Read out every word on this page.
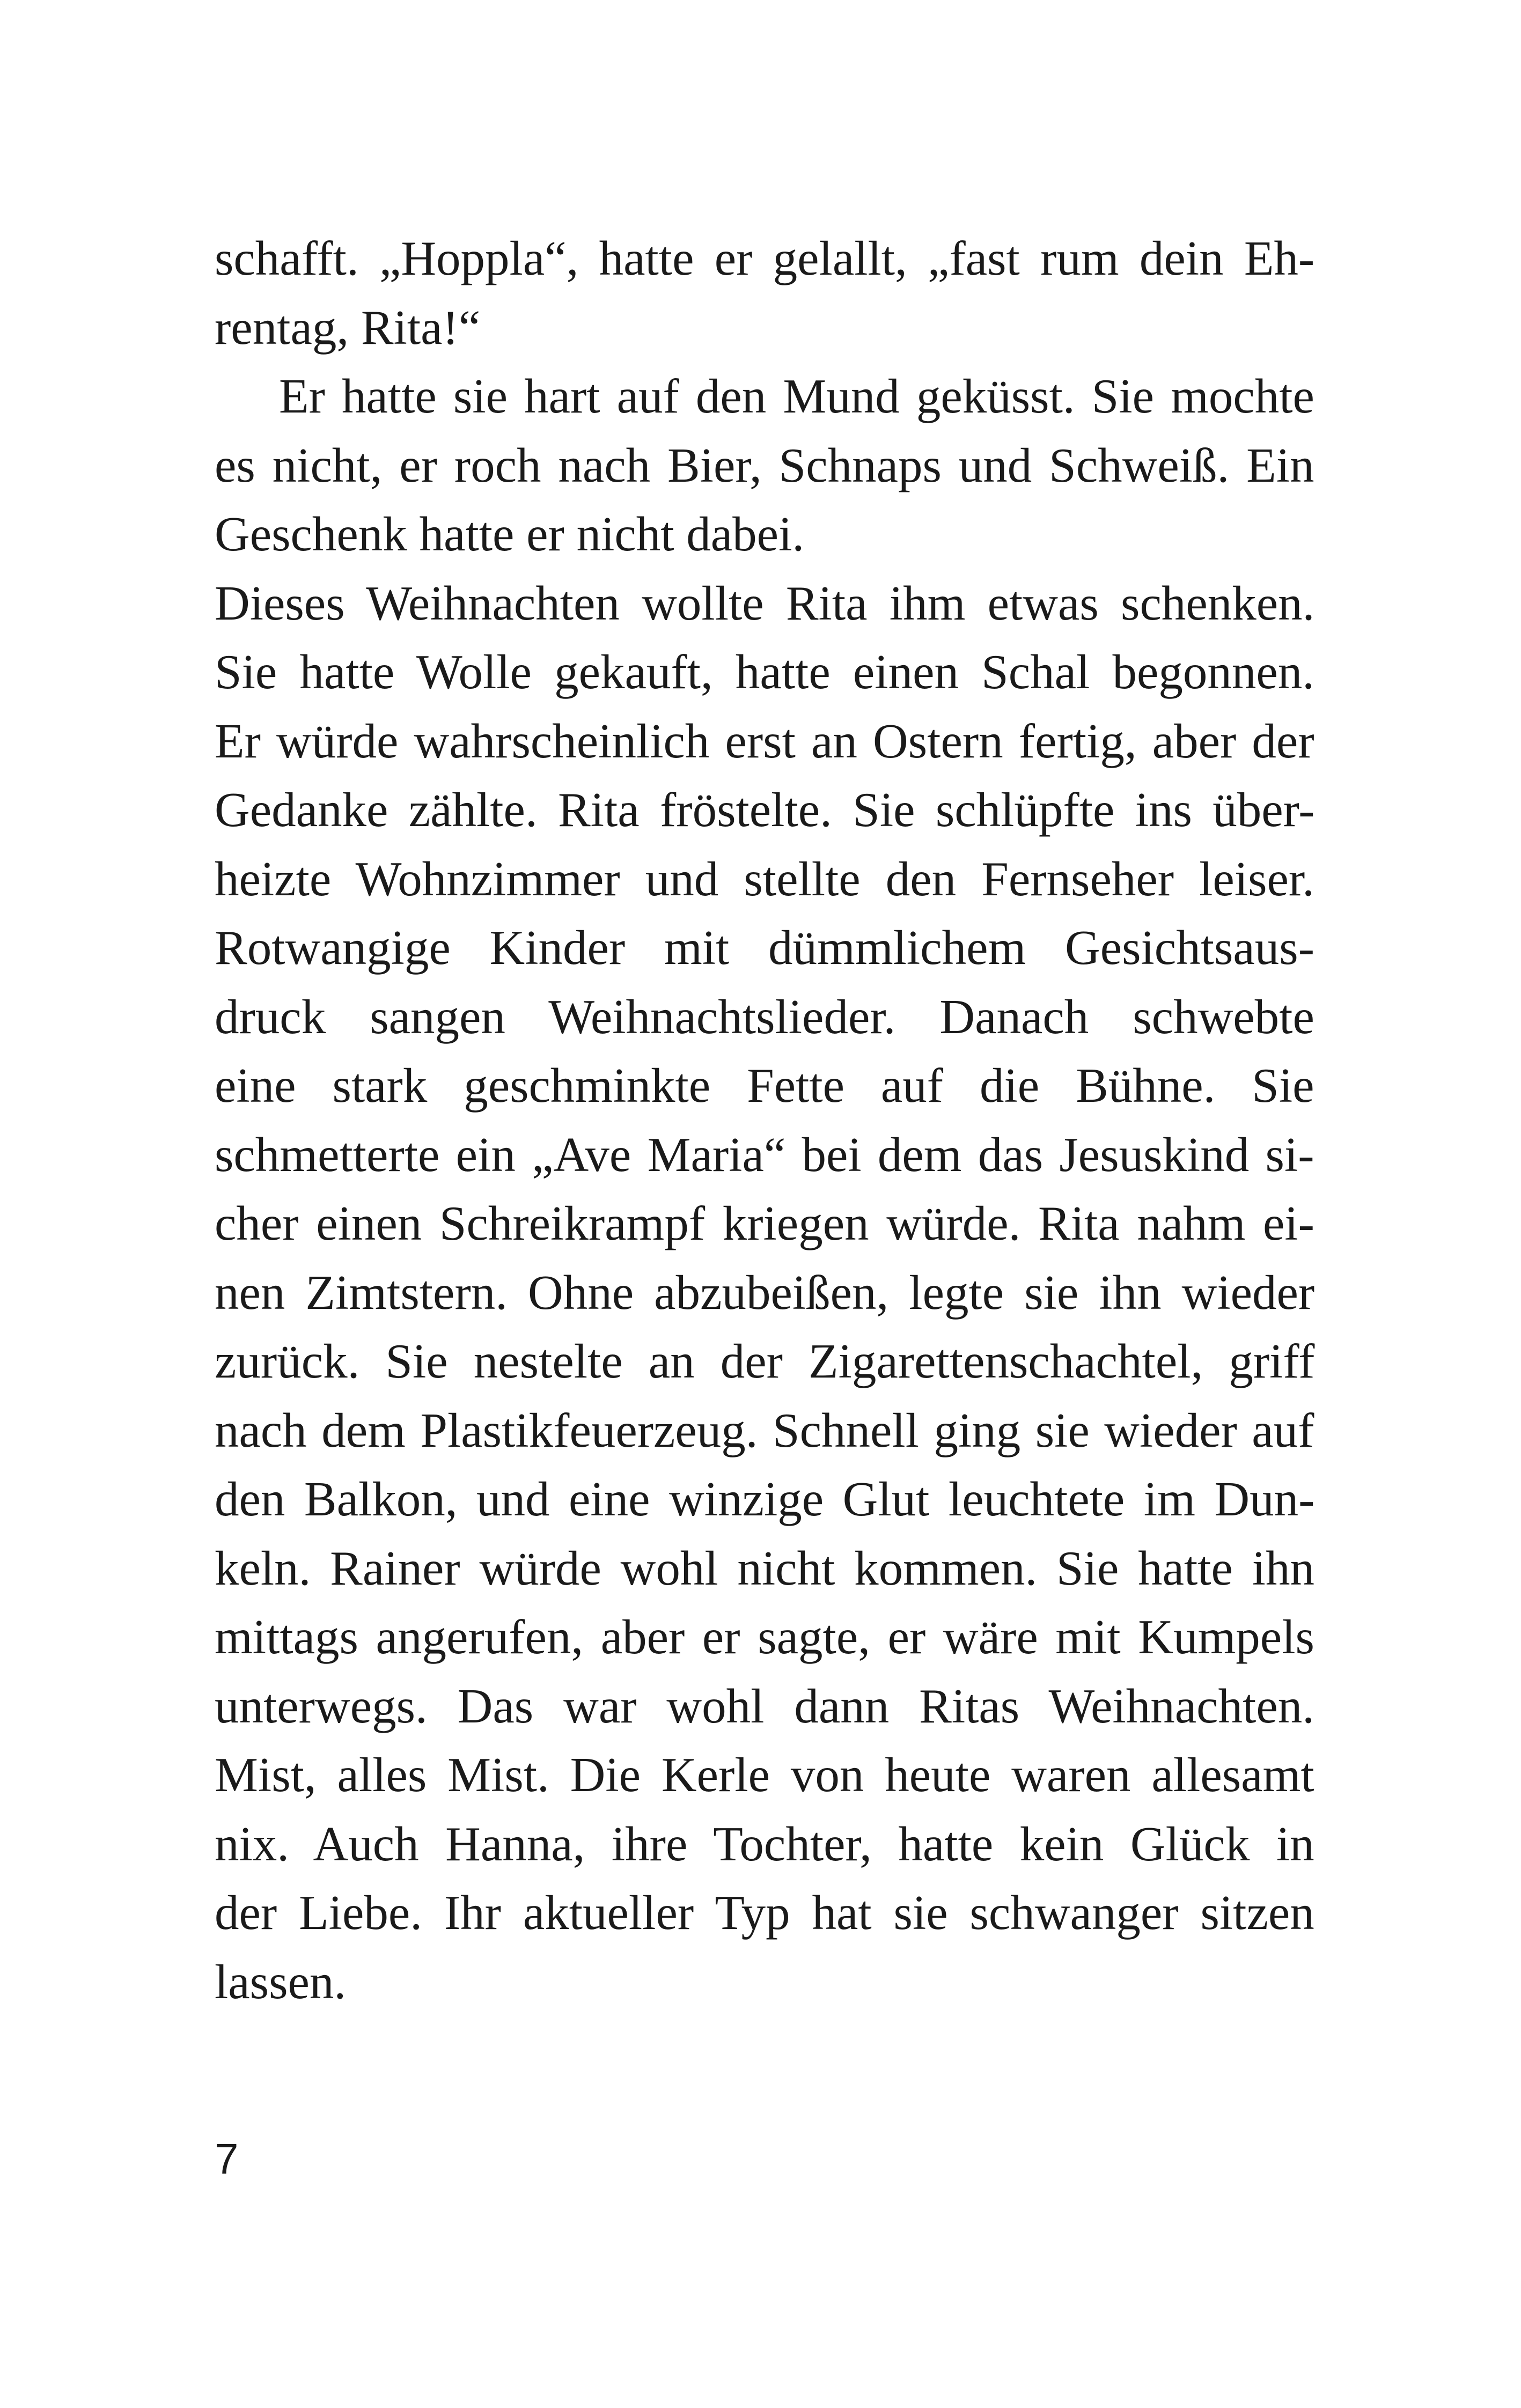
schafft. „Hoppla“, hatte er gelallt, „fast rum dein Eh-
rentag, Rita!“
Er hatte sie hart auf den Mund geküsst. Sie mochte
es nicht, er roch nach Bier, Schnaps und Schweiß. Ein
Geschenk hatte er nicht dabei.
Dieses Weihnachten wollte Rita ihm etwas schenken.
Sie hatte Wolle gekauft, hatte einen Schal begonnen.
Er würde wahrscheinlich erst an Ostern fertig, aber der
Gedanke zählte. Rita fröstelte. Sie schlüpfte ins über-
heizte Wohnzimmer und stellte den Fernseher leiser.
Rotwangige Kinder mit dümmlichem Gesichtsaus-
druck sangen Weihnachtslieder. Danach schwebte
eine stark geschminkte Fette auf die Bühne. Sie
schmetterte ein „Ave Maria“ bei dem das Jesuskind si-
cher einen Schreikrampf kriegen würde. Rita nahm ei-
nen Zimtstern. Ohne abzubeißen, legte sie ihn wieder
zurück. Sie nestelte an der Zigarettenschachtel, griff
nach dem Plastikfeuerzeug. Schnell ging sie wieder auf
den Balkon, und eine winzige Glut leuchtete im Dun-
keln. Rainer würde wohl nicht kommen. Sie hatte ihn
mittags angerufen, aber er sagte, er wäre mit Kumpels
unterwegs. Das war wohl dann Ritas Weihnachten.
Mist, alles Mist. Die Kerle von heute waren allesamt
nix. Auch Hanna, ihre Tochter, hatte kein Glück in
der Liebe. Ihr aktueller Typ hat sie schwanger sitzen
lassen.
7
